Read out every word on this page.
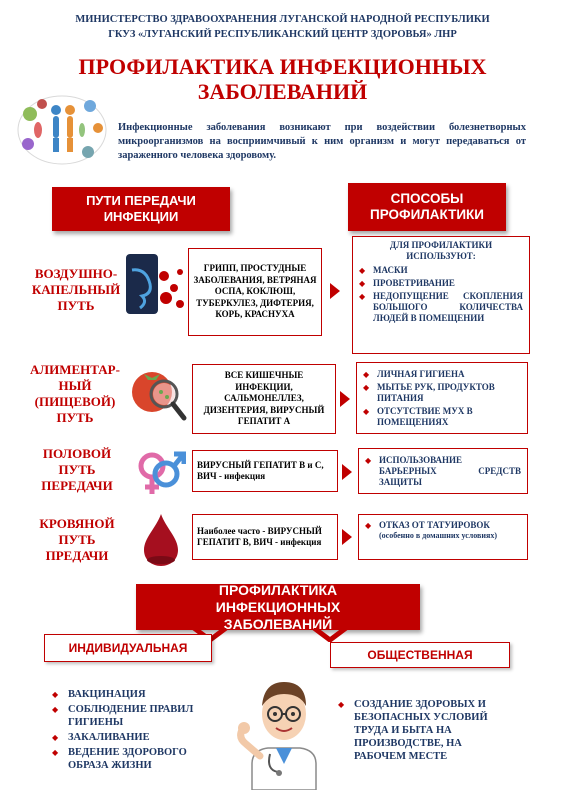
МИНИСТЕРСТВО ЗДРАВООХРАНЕНИЯ ЛУГАНСКОЙ НАРОДНОЙ РЕСПУБЛИКИ
ГКУЗ «ЛУГАНСКИЙ РЕСПУБЛИКАНСКИЙ ЦЕНТР ЗДОРОВЬЯ» ЛНР
ПРОФИЛАКТИКА ИНФЕКЦИОННЫХ
ЗАБОЛЕВАНИЙ
Инфекционные заболевания возникают при воздействии болезнетворных микроорганизмов на восприимчивый к ним организм и могут передаваться от зараженного человека здоровому.
ПУТИ ПЕРЕДАЧИ ИНФЕКЦИИ
СПОСОБЫ ПРОФИЛАКТИКИ
ВОЗДУШНО-КАПЕЛЬНЫЙ ПУТЬ
ГРИПП, ПРОСТУДНЫЕ ЗАБОЛЕВАНИЯ, ВЕТРЯНАЯ ОСПА, КОКЛЮШ, ТУБЕРКУЛЕЗ, ДИФТЕРИЯ, КОРЬ, КРАСНУХА
ДЛЯ ПРОФИЛАКТИКИ ИСПОЛЬЗУЮТ:
◆ МАСКИ
◆ ПРОВЕТРИВАНИЕ
◆ НЕДОПУЩЕНИЕ СКОПЛЕНИЯ БОЛЬШОГО КОЛИЧЕСТВА ЛЮДЕЙ В ПОМЕЩЕНИИ
АЛИМЕНТАР-НЫЙ (ПИЩЕВОЙ) ПУТЬ
ВСЕ КИШЕЧНЫЕ ИНФЕКЦИИ, САЛЬМОНЕЛЛЕЗ, ДИЗЕНТЕРИЯ, ВИРУСНЫЙ ГЕПАТИТ А
◆ ЛИЧНАЯ ГИГИЕНА
◆ МЫТЬЕ РУК, ПРОДУКТОВ ПИТАНИЯ
◆ ОТСУТСТВИЕ МУХ В ПОМЕЩЕНИЯХ
ПОЛОВОЙ ПУТЬ ПЕРЕДАЧИ
ВИРУСНЫЙ ГЕПАТИТ В и С, ВИЧ - инфекция
◆ ИСПОЛЬЗОВАНИЕ БАРЬЕРНЫХ СРЕДСТВ ЗАЩИТЫ
КРОВЯНОЙ ПУТЬ ПРЕДАЧИ
Наиболее часто - ВИРУСНЫЙ ГЕПАТИТ В, ВИЧ - инфекция
◆ ОТКАЗ ОТ ТАТУИРОВОК
(особенно в домашних условиях)
ПРОФИЛАКТИКА ИНФЕКЦИОННЫХ ЗАБОЛЕВАНИЙ
ИНДИВИДУАЛЬНАЯ	ОБЩЕСТВЕННАЯ
◆ ВАКЦИНАЦИЯ
◆ СОБЛЮДЕНИЕ ПРАВИЛ ГИГИЕНЫ
◆ ЗАКАЛИВАНИЕ
◆ ВЕДЕНИЕ ЗДОРОВОГО ОБРАЗА ЖИЗНИ
◆ СОЗДАНИЕ ЗДОРОВЫХ И БЕЗОПАСНЫХ УСЛОВИЙ ТРУДА И БЫТА НА ПРОИЗВОДСТВЕ, НА РАБОЧЕМ МЕСТЕ
